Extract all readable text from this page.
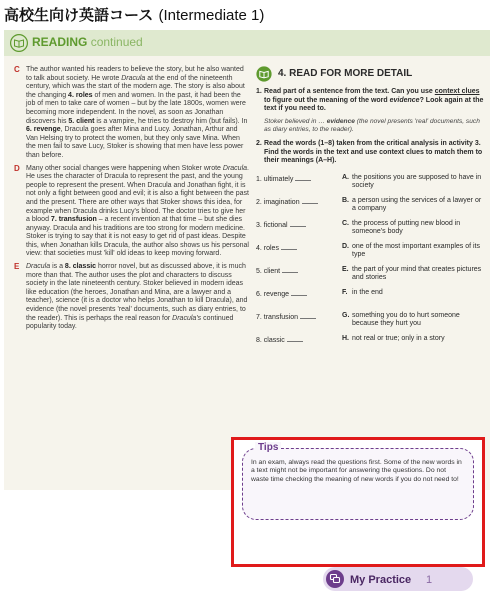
高校生向け英語コース (Intermediate 1)
READING continued
C The author wanted his readers to believe the story, but he also wanted to talk about society. He wrote Dracula at the end of the nineteenth century, which was the start of the modern age. The story is also about the changing 4. roles of men and women. In the past, it had been the job of men to take care of women – but by the late 1800s, women were becoming more independent. In the novel, as soon as Jonathan discovers his 5. client is a vampire, he tries to destroy him (but fails). In 6. revenge, Dracula goes after Mina and Lucy. Jonathan, Arthur and Van Helsing try to protect the women, but they only save Mina. When the men fail to save Lucy, Stoker is showing that men have less power than before.
D Many other social changes were happening when Stoker wrote Dracula. He uses the character of Dracula to represent the past, and the young people to represent the present. When Dracula and Jonathan fight, it is not only a fight between good and evil; it is also a fight between the past and the present. There are other ways that Stoker shows this idea, for example when Dracula drinks Lucy's blood. The doctor tries to give her a blood 7. transfusion – a recent invention at that time – but she dies anyway. Dracula and his traditions are too strong for modern medicine. Stoker is trying to say that it is not easy to get rid of past ideas. Despite this, when Jonathan kills Dracula, the author also shows us his personal view: that societies must 'kill' old ideas to keep moving forward.
E Dracula is a 8. classic horror novel, but as discussed above, it is much more than that. The author uses the plot and characters to discuss society in the late nineteenth century. Stoker believed in modern ideas like education (the heroes, Jonathan and Mina, are a lawyer and a teacher), science (it is a doctor who helps Jonathan to kill Dracula), and evidence (the novel presents 'real' documents, such as diary entries, to the reader). This is perhaps the real reason for Dracula's continued popularity today.
4. READ FOR MORE DETAIL
1. Read part of a sentence from the text. Can you use context clues to figure out the meaning of the word evidence? Look again at the text if you need to.
Stoker believed in … evidence (the novel presents 'real' documents, such as diary entries, to the reader).
2. Read the words (1–8) taken from the critical analysis in activity 3. Find the words in the text and use context clues to match them to their meanings (A–H).
1. ultimately	A. the positions you are supposed to have in society
2. imagination	B. a person using the services of a lawyer or a company
3. fictional	C. the process of putting new blood in someone's body
4. roles	D. one of the most important examples of its type
5. client	E. the part of your mind that creates pictures and stories
6. revenge	F. in the end
7. transfusion	G. something you do to hurt someone because they hurt you
8. classic	H. not real or true; only in a story
Tips
In an exam, always read the questions first. Some of the new words in a text might not be important for answering the questions. Do not waste time checking the meaning of new words if you do not need to!
My Practice 1
